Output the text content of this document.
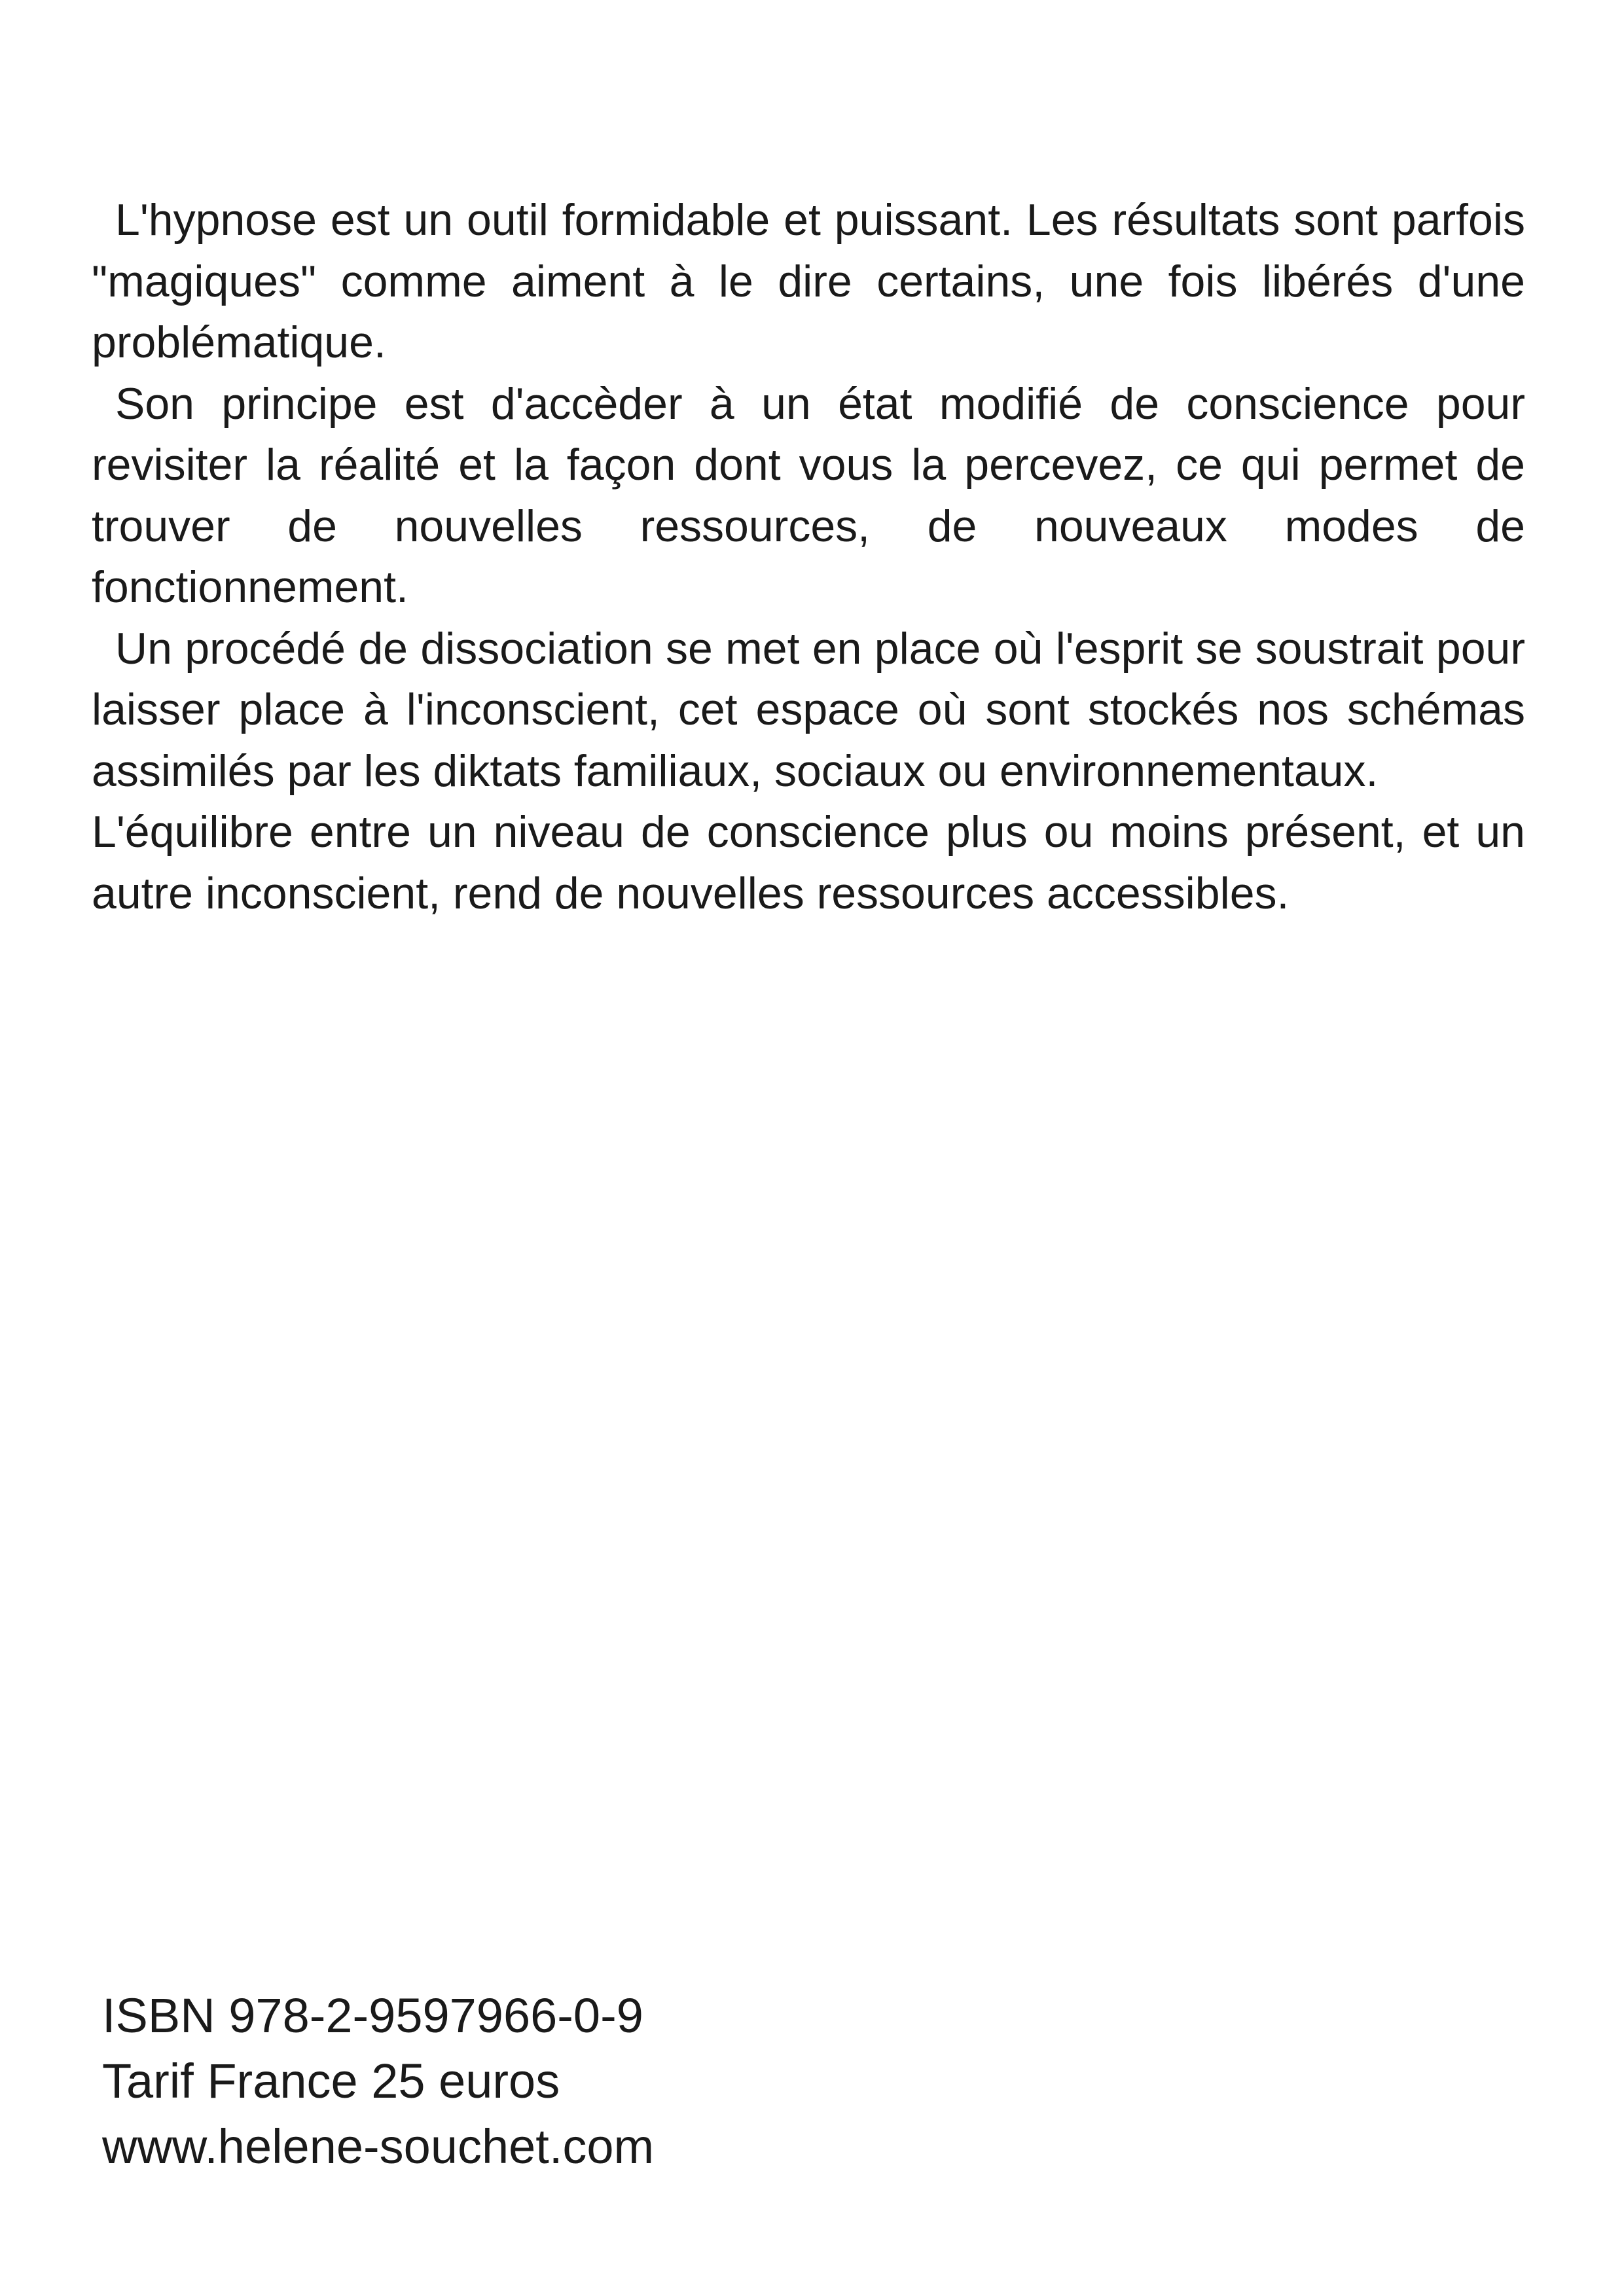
L'hypnose est un outil formidable et puissant. Les résultats sont parfois "magiques" comme aiment à le dire certains, une fois libérés d'une problématique.

Son principe est d'accèder à un état modifié de conscience pour revisiter la réalité et la façon dont vous la percevez, ce qui permet de trouver de nouvelles ressources, de nouveaux modes de fonctionnement.

Un procédé de dissociation se met en place où l'esprit se soustrait pour laisser place à l'inconscient, cet espace où sont stockés nos schémas assimilés par les diktats familiaux, sociaux ou environnementaux.

L'équilibre entre un niveau de conscience plus ou moins présent, et un autre inconscient, rend de nouvelles ressources accessibles.

ISBN 978-2-9597966-0-9
Tarif France 25 euros
www.helene-souchet.com
